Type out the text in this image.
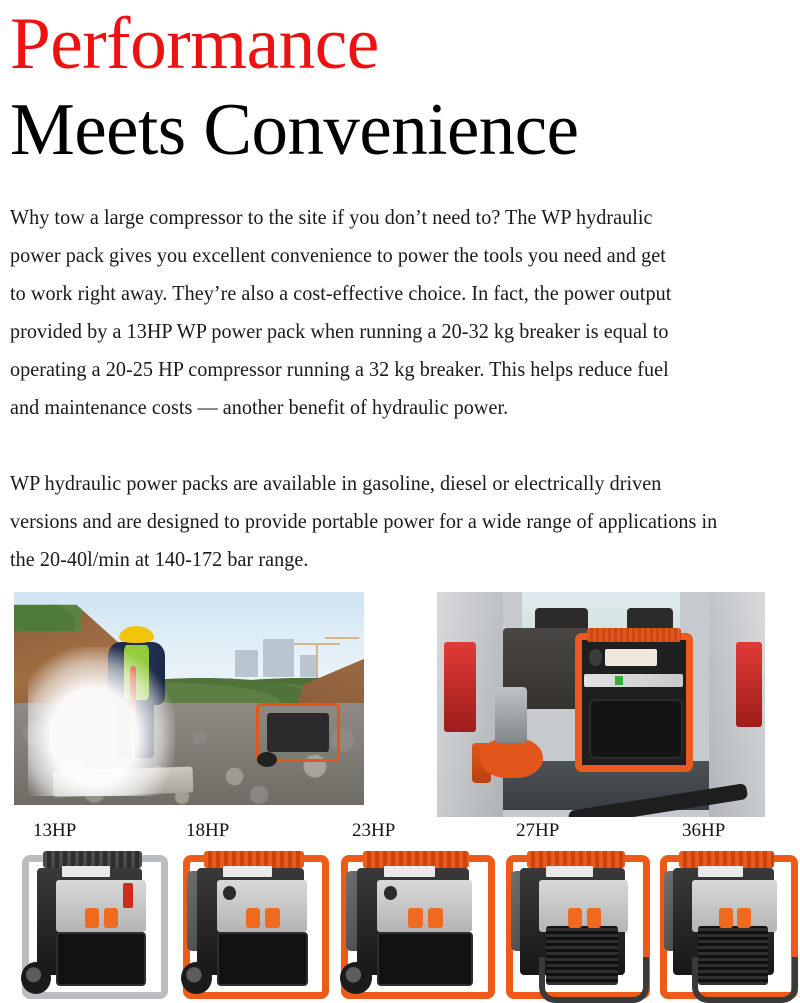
Performance
Meets Convenience

Why tow a large compressor to the site if you don’t need to? The WP hydraulic
power pack gives you excellent convenience to power the tools you need and get
to work right away. They’re also a cost-effective choice. In fact, the power output
provided by a 13HP WP power pack when running a 20-32 kg breaker is equal to
operating a 20-25 HP compressor running a 32 kg breaker. This helps reduce fuel
and maintenance costs — another benefit of hydraulic power.

WP hydraulic power packs are available in gasoline, diesel or electrically driven
versions and are designed to provide portable power for a wide range of applications in
the 20-40l/min at 140-172 bar range.

13HP	18HP	23HP	27HP	36HP
